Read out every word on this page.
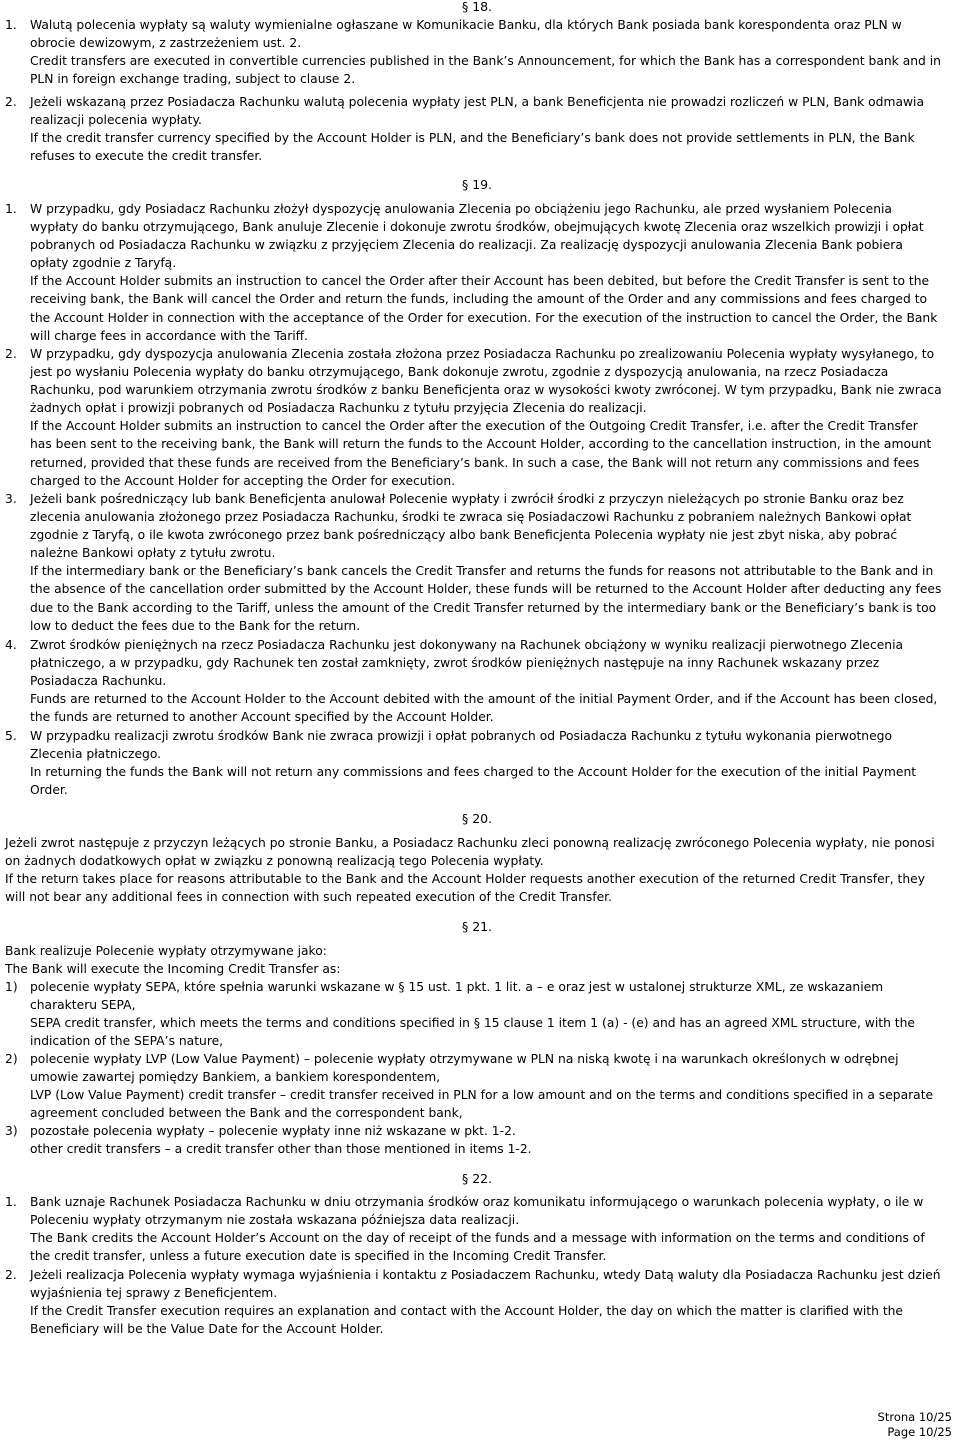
§ 18.
1. Walutą polecenia wypłaty są waluty wymienialne ogłaszane w Komunikacie Banku, dla których Bank posiada bank korespondenta oraz PLN w obrocie dewizowym, z zastrzeżeniem ust. 2.

Credit transfers are executed in convertible currencies published in the Bank’s Announcement, for which the Bank has a correspondent bank and in PLN in foreign exchange trading, subject to clause 2.

2. Jeżeli wskazaną przez Posiadacza Rachunku walutą polecenia wypłaty jest PLN, a bank Beneficjenta nie prowadzi rozliczeń w PLN, Bank odmawia realizacji polecenia wypłaty.

If the credit transfer currency specified by the Account Holder is PLN, and the Beneficiary’s bank does not provide settlements in PLN, the Bank refuses to execute the credit transfer.

§ 19.
1. W przypadku, gdy Posiadacz Rachunku złożył dyspozycję anulowania Zlecenia po obciążeniu jego Rachunku, ale przed wysłaniem Polecenia wypłaty do banku otrzymującego, Bank anuluje Zlecenie i dokonuje zwrotu środków, obejmujących kwotę Zlecenia oraz wszelkich prowizji i opłat pobranych od Posiadacza Rachunku w związku z przyjęciem Zlecenia do realizacji. Za realizację dyspozycji anulowania Zlecenia Bank pobiera opłaty zgodnie z Taryfą.

If the Account Holder submits an instruction to cancel the Order after their Account has been debited, but before the Credit Transfer is sent to the receiving bank, the Bank will cancel the Order and return the funds, including the amount of the Order and any commissions and fees charged to the Account Holder in connection with the acceptance of the Order for execution. For the execution of the instruction to cancel the Order, the Bank will charge fees in accordance with the Tariff.

2. W przypadku, gdy dyspozycja anulowania Zlecenia została złożona przez Posiadacza Rachunku po zrealizowaniu Polecenia wypłaty wysyłanego, to jest po wysłaniu Polecenia wypłaty do banku otrzymującego, Bank dokonuje zwrotu, zgodnie z dyspozycją anulowania, na rzecz Posiadacza Rachunku, pod warunkiem otrzymania zwrotu środków z banku Beneficjenta oraz w wysokości kwoty zwróconej. W tym przypadku, Bank nie zwraca żadnych opłat i prowizji pobranych od Posiadacza Rachunku z tytułu przyjęcia Zlecenia do realizacji.

If the Account Holder submits an instruction to cancel the Order after the execution of the Outgoing Credit Transfer, i.e. after the Credit Transfer has been sent to the receiving bank, the Bank will return the funds to the Account Holder, according to the cancellation instruction, in the amount returned, provided that these funds are received from the Beneficiary’s bank. In such a case, the Bank will not return any commissions and fees charged to the Account Holder for accepting the Order for execution.

3. Jeżeli bank pośredniczący lub bank Beneficjenta anulował Polecenie wypłaty i zwrócił środki z przyczyn nieleżących po stronie Banku oraz bez zlecenia anulowania złożonego przez Posiadacza Rachunku, środki te zwraca się Posiadaczowi Rachunku z pobraniem należnych Bankowi opłat zgodnie z Taryfą, o ile kwota zwróconego przez bank pośredniczący albo bank Beneficjenta Polecenia wypłaty nie jest zbyt niska, aby pobrać należne Bankowi opłaty z tytułu zwrotu.

If the intermediary bank or the Beneficiary’s bank cancels the Credit Transfer and returns the funds for reasons not attributable to the Bank and in the absence of the cancellation order submitted by the Account Holder, these funds will be returned to the Account Holder after deducting any fees due to the Bank according to the Tariff, unless the amount of the Credit Transfer returned by the intermediary bank or the Beneficiary’s bank is too low to deduct the fees due to the Bank for the return.

4. Zwrot środków pieniężnych na rzecz Posiadacza Rachunku jest dokonywany na Rachunek obciążony w wyniku realizacji pierwotnego Zlecenia płatniczego, a w przypadku, gdy Rachunek ten został zamknięty, zwrot środków pieniężnych następuje na inny Rachunek wskazany przez Posiadacza Rachunku.

Funds are returned to the Account Holder to the Account debited with the amount of the initial Payment Order, and if the Account has been closed, the funds are returned to another Account specified by the Account Holder.

5. W przypadku realizacji zwrotu środków Bank nie zwraca prowizji i opłat pobranych od Posiadacza Rachunku z tytułu wykonania pierwotnego Zlecenia płatniczego.

In returning the funds the Bank will not return any commissions and fees charged to the Account Holder for the execution of the initial Payment Order.

§ 20.

Jeżeli zwrot następuje z przyczyn leżących po stronie Banku, a Posiadacz Rachunku zleci ponowną realizację zwróconego Polecenia wypłaty, nie ponosi on żadnych dodatkowych opłat w związku z ponowną realizacją tego Polecenia wypłaty.

If the return takes place for reasons attributable to the Bank and the Account Holder requests another execution of the returned Credit Transfer, they will not bear any additional fees in connection with such repeated execution of the Credit Transfer.

§ 21.

Bank realizuje Polecenie wypłaty otrzymywane jako:

The Bank will execute the Incoming Credit Transfer as:

1) polecenie wypłaty SEPA, które spełnia warunki wskazane w § 15 ust. 1 pkt. 1 lit. a – e oraz jest w ustalonej strukturze XML, ze wskazaniem charakteru SEPA,

SEPA credit transfer, which meets the terms and conditions specified in § 15 clause 1 item 1 (a) - (e) and has an agreed XML structure, with the indication of the SEPA’s nature,

2) polecenie wypłaty LVP (Low Value Payment) – polecenie wypłaty otrzymywane w PLN na niską kwotę i na warunkach określonych w odrębnej umowie zawartej pomiędzy Bankiem, a bankiem korespondentem,

LVP (Low Value Payment) credit transfer – credit transfer received in PLN for a low amount and on the terms and conditions specified in a separate agreement concluded between the Bank and the correspondent bank,

3) pozostałe polecenia wypłaty – polecenie wypłaty inne niż wskazane w pkt. 1-2.

other credit transfers – a credit transfer other than those mentioned in items 1-2.

§ 22.
1. Bank uznaje Rachunek Posiadacza Rachunku w dniu otrzymania środków oraz komunikatu informującego o warunkach polecenia wypłaty, o ile w Poleceniu wypłaty otrzymanym nie została wskazana późniejsza data realizacji.

The Bank credits the Account Holder’s Account on the day of receipt of the funds and a message with information on the terms and conditions of the credit transfer, unless a future execution date is specified in the Incoming Credit Transfer.

2. Jeżeli realizacja Polecenia wypłaty wymaga wyjaśnienia i kontaktu z Posiadaczem Rachunku, wtedy Datą waluty dla Posiadacza Rachunku jest dzień wyjaśnienia tej sprawy z Beneficjentem.

If the Credit Transfer execution requires an explanation and contact with the Account Holder, the day on which the matter is clarified with the Beneficiary will be the Value Date for the Account Holder.

Strona 10/25
Page 10/25
